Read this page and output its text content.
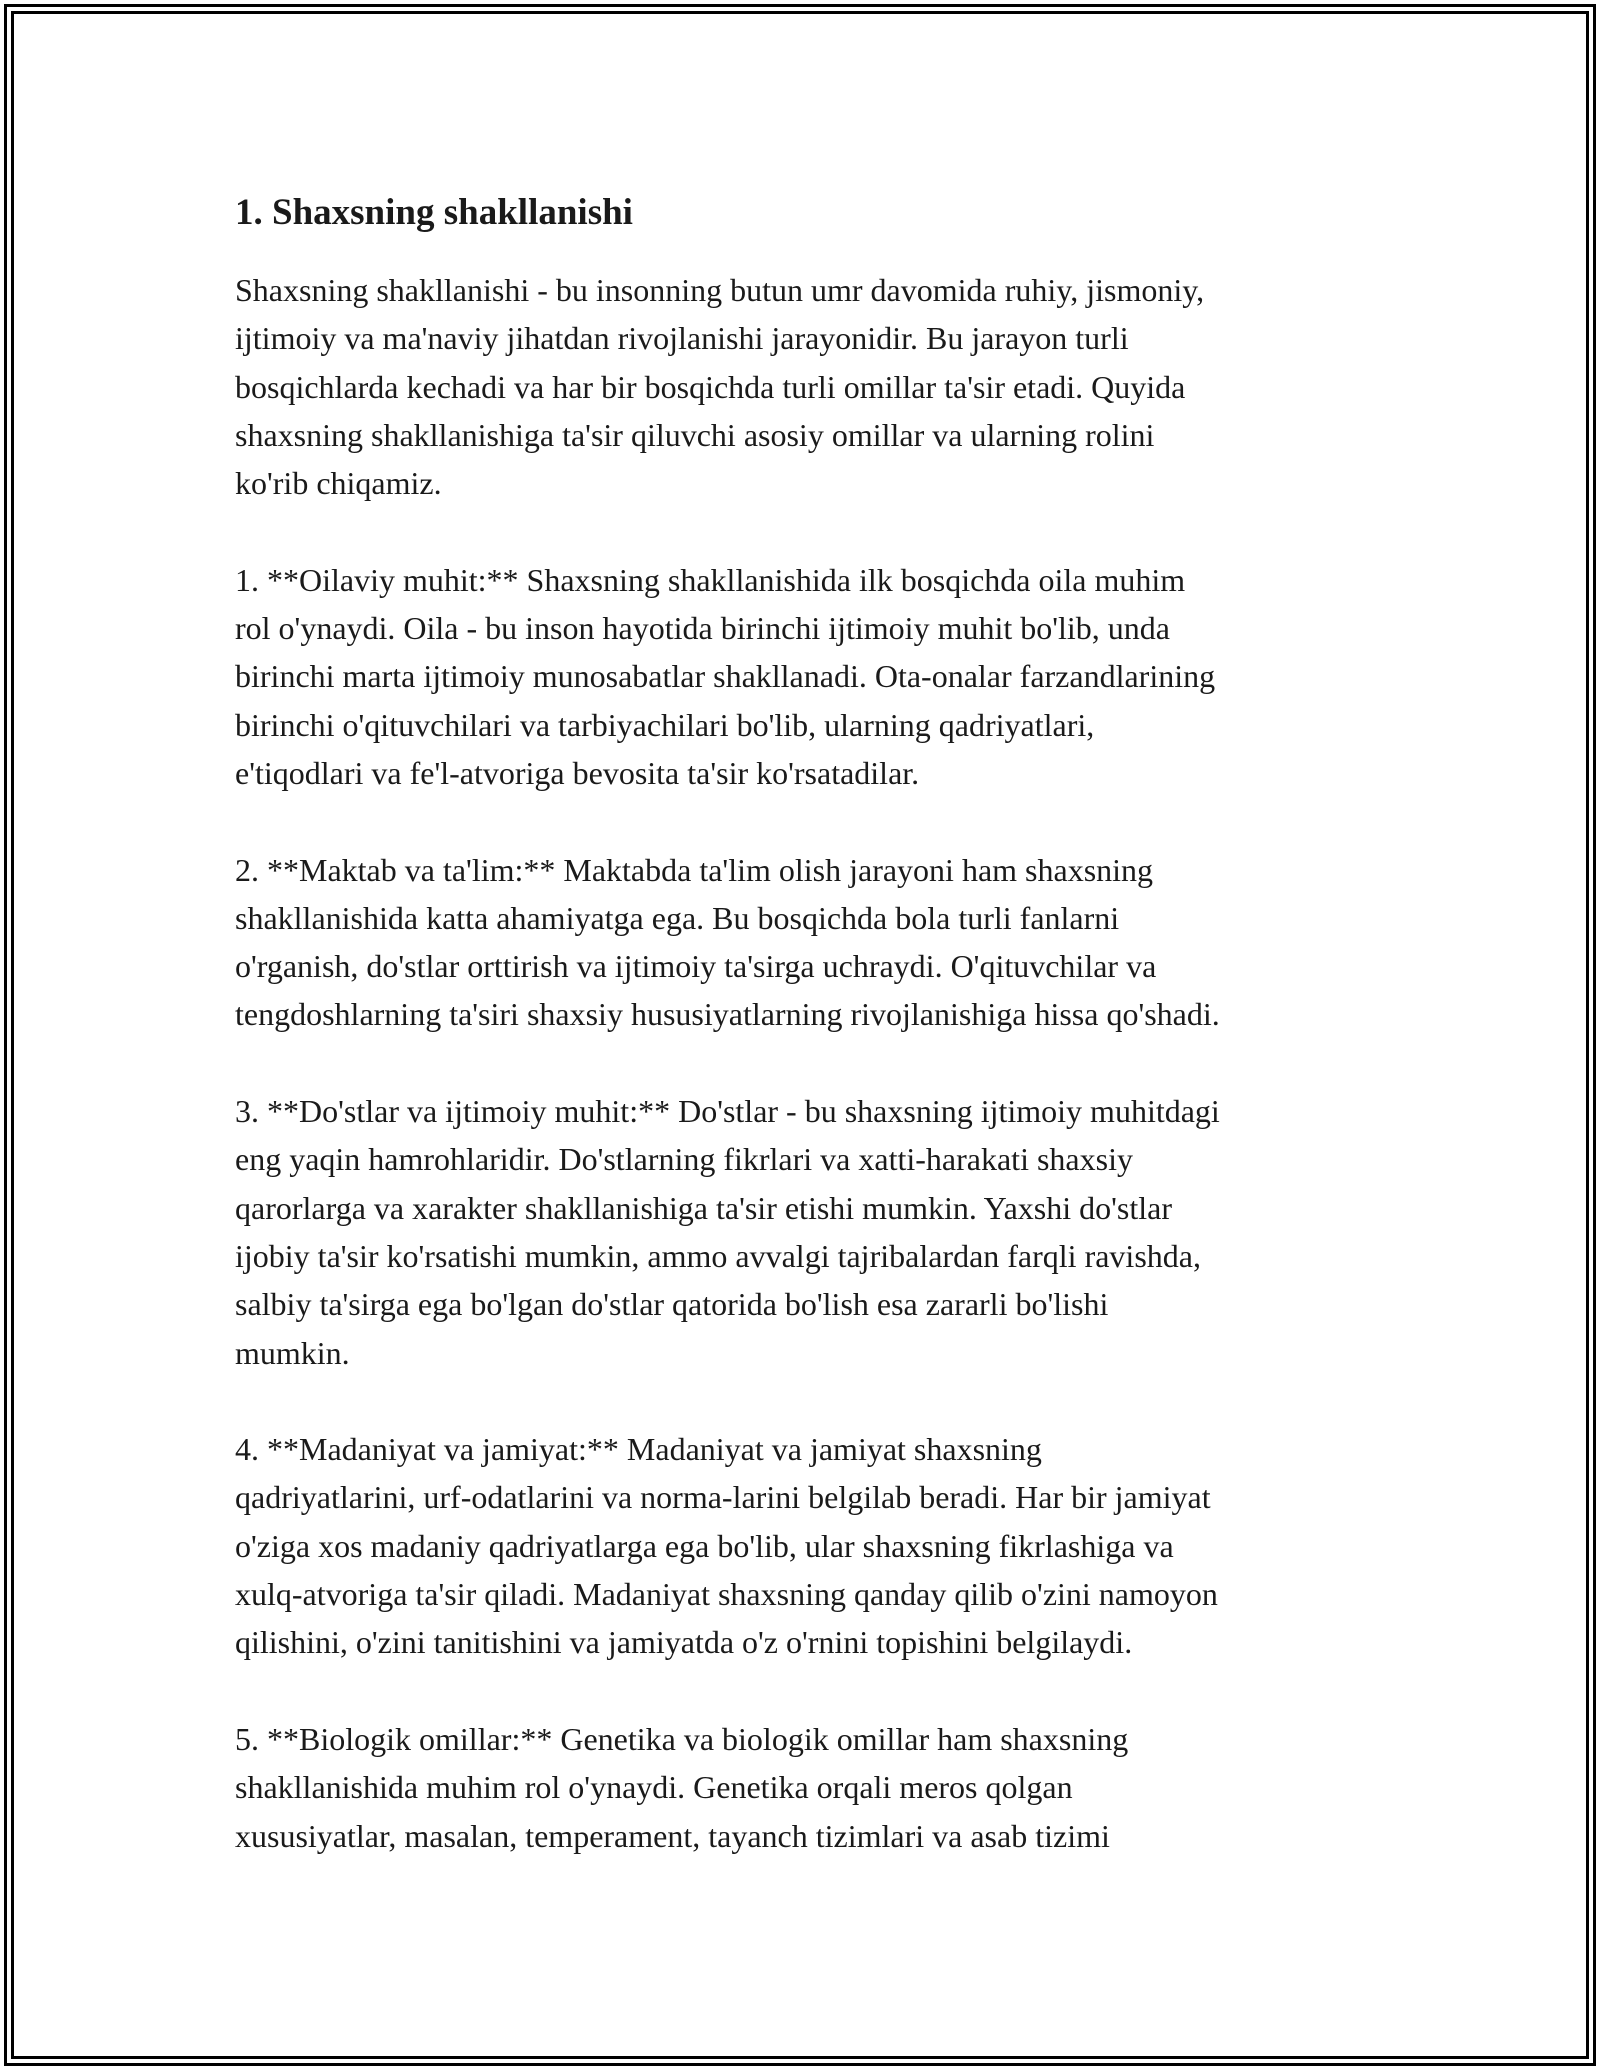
1. Shaxsning shakllanishi

Shaxsning shakllanishi - bu insonning butun umr davomida ruhiy, jismoniy,
ijtimoiy va ma'naviy jihatdan rivojlanishi jarayonidir. Bu jarayon turli
bosqichlarda kechadi va har bir bosqichda turli omillar ta'sir etadi. Quyida
shaxsning shakllanishiga ta'sir qiluvchi asosiy omillar va ularning rolini
ko'rib chiqamiz.

1. **Oilaviy muhit:** Shaxsning shakllanishida ilk bosqichda oila muhim
rol o'ynaydi. Oila - bu inson hayotida birinchi ijtimoiy muhit bo'lib, unda
birinchi marta ijtimoiy munosabatlar shakllanadi. Ota-onalar farzandlarining
birinchi o'qituvchilari va tarbiyachilari bo'lib, ularning qadriyatlari,
e'tiqodlari va fe'l-atvoriga bevosita ta'sir ko'rsatadilar.

2. **Maktab va ta'lim:** Maktabda ta'lim olish jarayoni ham shaxsning
shakllanishida katta ahamiyatga ega. Bu bosqichda bola turli fanlarni
o'rganish, do'stlar orttirish va ijtimoiy ta'sirga uchraydi. O'qituvchilar va
tengdoshlarning ta'siri shaxsiy hususiyatlarning rivojlanishiga hissa qo'shadi.

3. **Do'stlar va ijtimoiy muhit:** Do'stlar - bu shaxsning ijtimoiy muhitdagi
eng yaqin hamrohlaridir. Do'stlarning fikrlari va xatti-harakati shaxsiy
qarorlarga va xarakter shakllanishiga ta'sir etishi mumkin. Yaxshi do'stlar
ijobiy ta'sir ko'rsatishi mumkin, ammo avvalgi tajribalardan farqli ravishda,
salbiy ta'sirga ega bo'lgan do'stlar qatorida bo'lish esa zararli bo'lishi
mumkin.

4. **Madaniyat va jamiyat:** Madaniyat va jamiyat shaxsning
qadriyatlarini, urf-odatlarini va norma-larini belgilab beradi. Har bir jamiyat
o'ziga xos madaniy qadriyatlarga ega bo'lib, ular shaxsning fikrlashiga va
xulq-atvoriga ta'sir qiladi. Madaniyat shaxsning qanday qilib o'zini namoyon
qilishini, o'zini tanitishini va jamiyatda o'z o'rnini topishini belgilaydi.

5. **Biologik omillar:** Genetika va biologik omillar ham shaxsning
shakllanishida muhim rol o'ynaydi. Genetika orqali meros qolgan
xususiyatlar, masalan, temperament, tayanch tizimlari va asab tizimi
